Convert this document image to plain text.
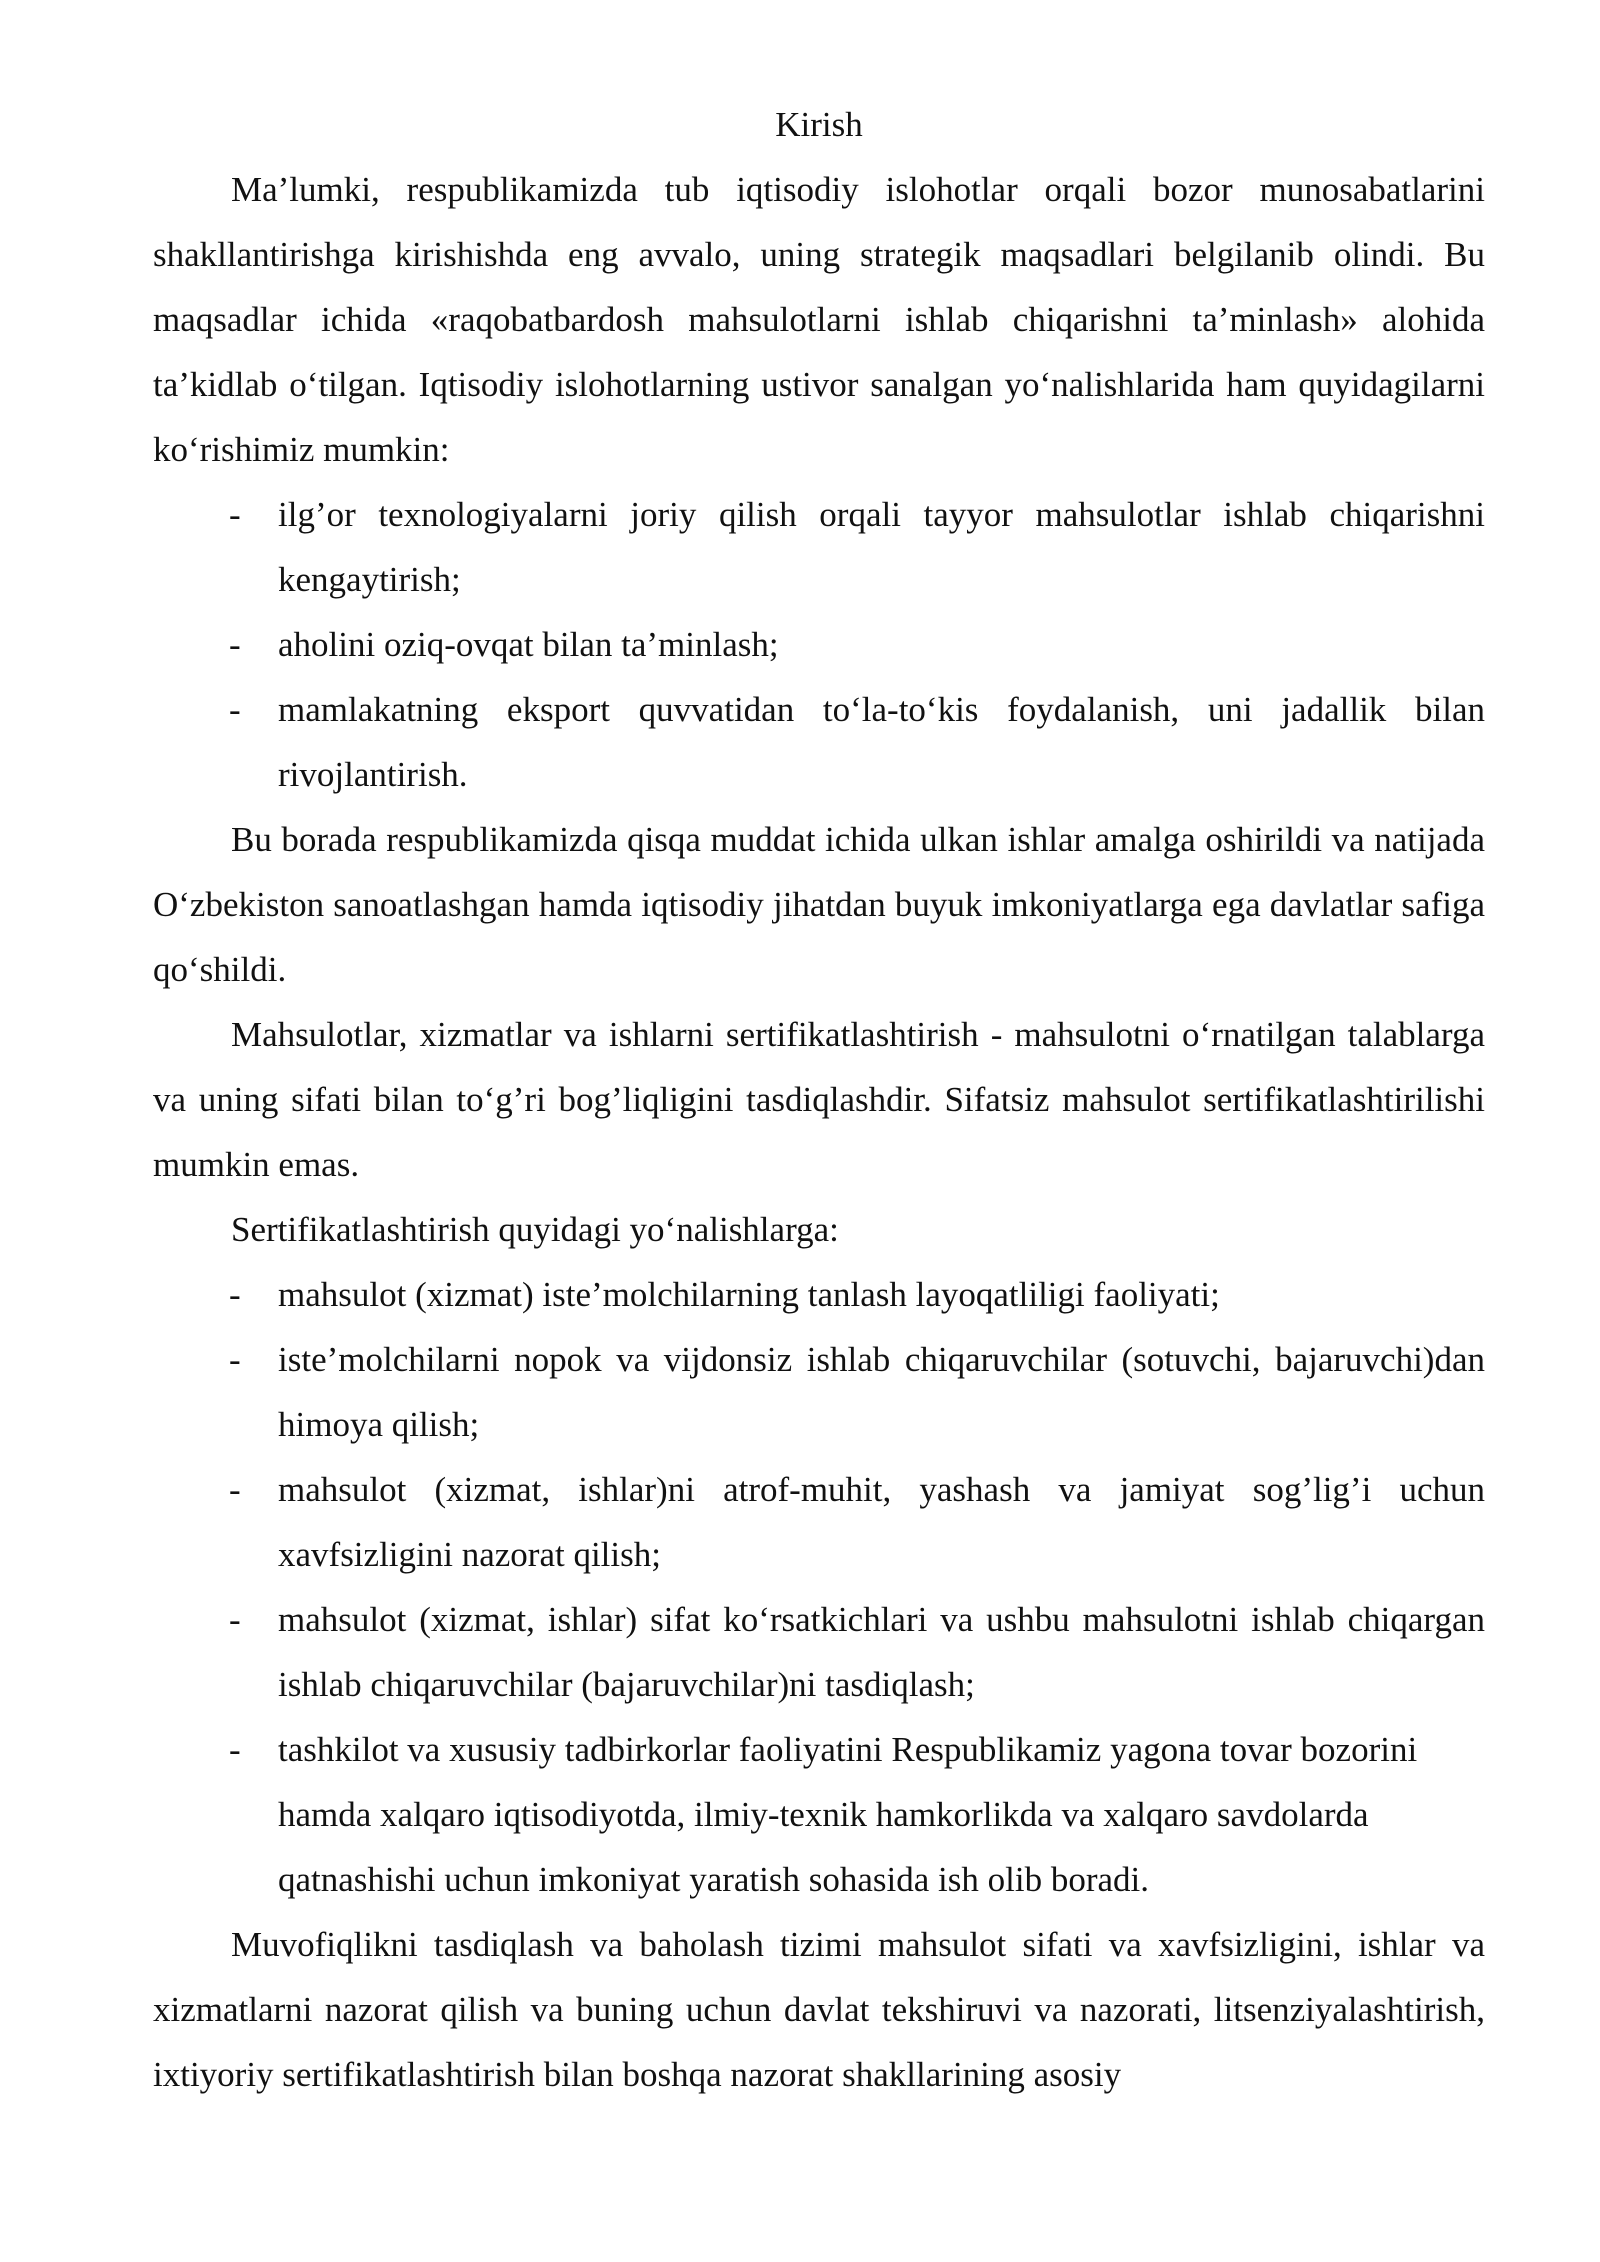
Kirish

Ma’lumki, respublikamizda tub iqtisodiy islohotlar orqali bozor munosabatlarini shakllantirishga kirishishda eng avvalo, uning strategik maqsadlari belgilanib olindi. Bu maqsadlar ichida «raqobatbardosh mahsulotlarni ishlab chiqarishni ta’minlash» alohida ta’kidlab o‘tilgan. Iqtisodiy islohotlarning ustivor sanalgan yo‘nalishlarida ham quyidagilarni ko‘rishimiz mumkin:

- ilg’or texnologiyalarni joriy qilish orqali tayyor mahsulotlar ishlab chiqarishni kengaytirish;
- aholini oziq-ovqat bilan ta’minlash;
- mamlakatning eksport quvvatidan to‘la-to‘kis foydalanish, uni jadallik bilan rivojlantirish.

Bu borada respublikamizda qisqa muddat ichida ulkan ishlar amalga oshirildi va natijada O‘zbekiston sanoatlashgan hamda iqtisodiy jihatdan buyuk imkoniyatlarga ega davlatlar safiga qo‘shildi.

Mahsulotlar, xizmatlar va ishlarni sertifikatlashtirish - mahsulotni o‘rnatilgan talablarga va uning sifati bilan to‘g’ri bog’liqligini tasdiqlashdir. Sifatsiz mahsulot sertifikatlashtirilishi mumkin emas.

Sertifikatlashtirish quyidagi yo‘nalishlarga:

- mahsulot (xizmat) iste’molchilarning tanlash layoqatliligi faoliyati;
- iste’molchilarni nopok va vijdonsiz ishlab chiqaruvchilar (sotuvchi, bajaruvchi)dan himoya qilish;
- mahsulot (xizmat, ishlar)ni atrof-muhit, yashash va jamiyat sog’lig’i uchun xavfsizligini nazorat qilish;
- mahsulot (xizmat, ishlar) sifat ko‘rsatkichlari va ushbu mahsulotni ishlab chiqargan ishlab chiqaruvchilar (bajaruvchilar)ni tasdiqlash;
- tashkilot va xususiy tadbirkorlar faoliyatini Respublikamiz yagona tovar bozorini hamda xalqaro iqtisodiyotda, ilmiy-texnik hamkorlikda va xalqaro savdolarda qatnashishi uchun imkoniyat yaratish sohasida ish olib boradi.

Muvofiqlikni tasdiqlash va baholash tizimi mahsulot sifati va xavfsizligini, ishlar va xizmatlarni nazorat qilish va buning uchun davlat tekshiruvi va nazorati, litsenziyalashtirish, ixtiyoriy sertifikatlashtirish bilan boshqa nazorat shakllarining asosiy
